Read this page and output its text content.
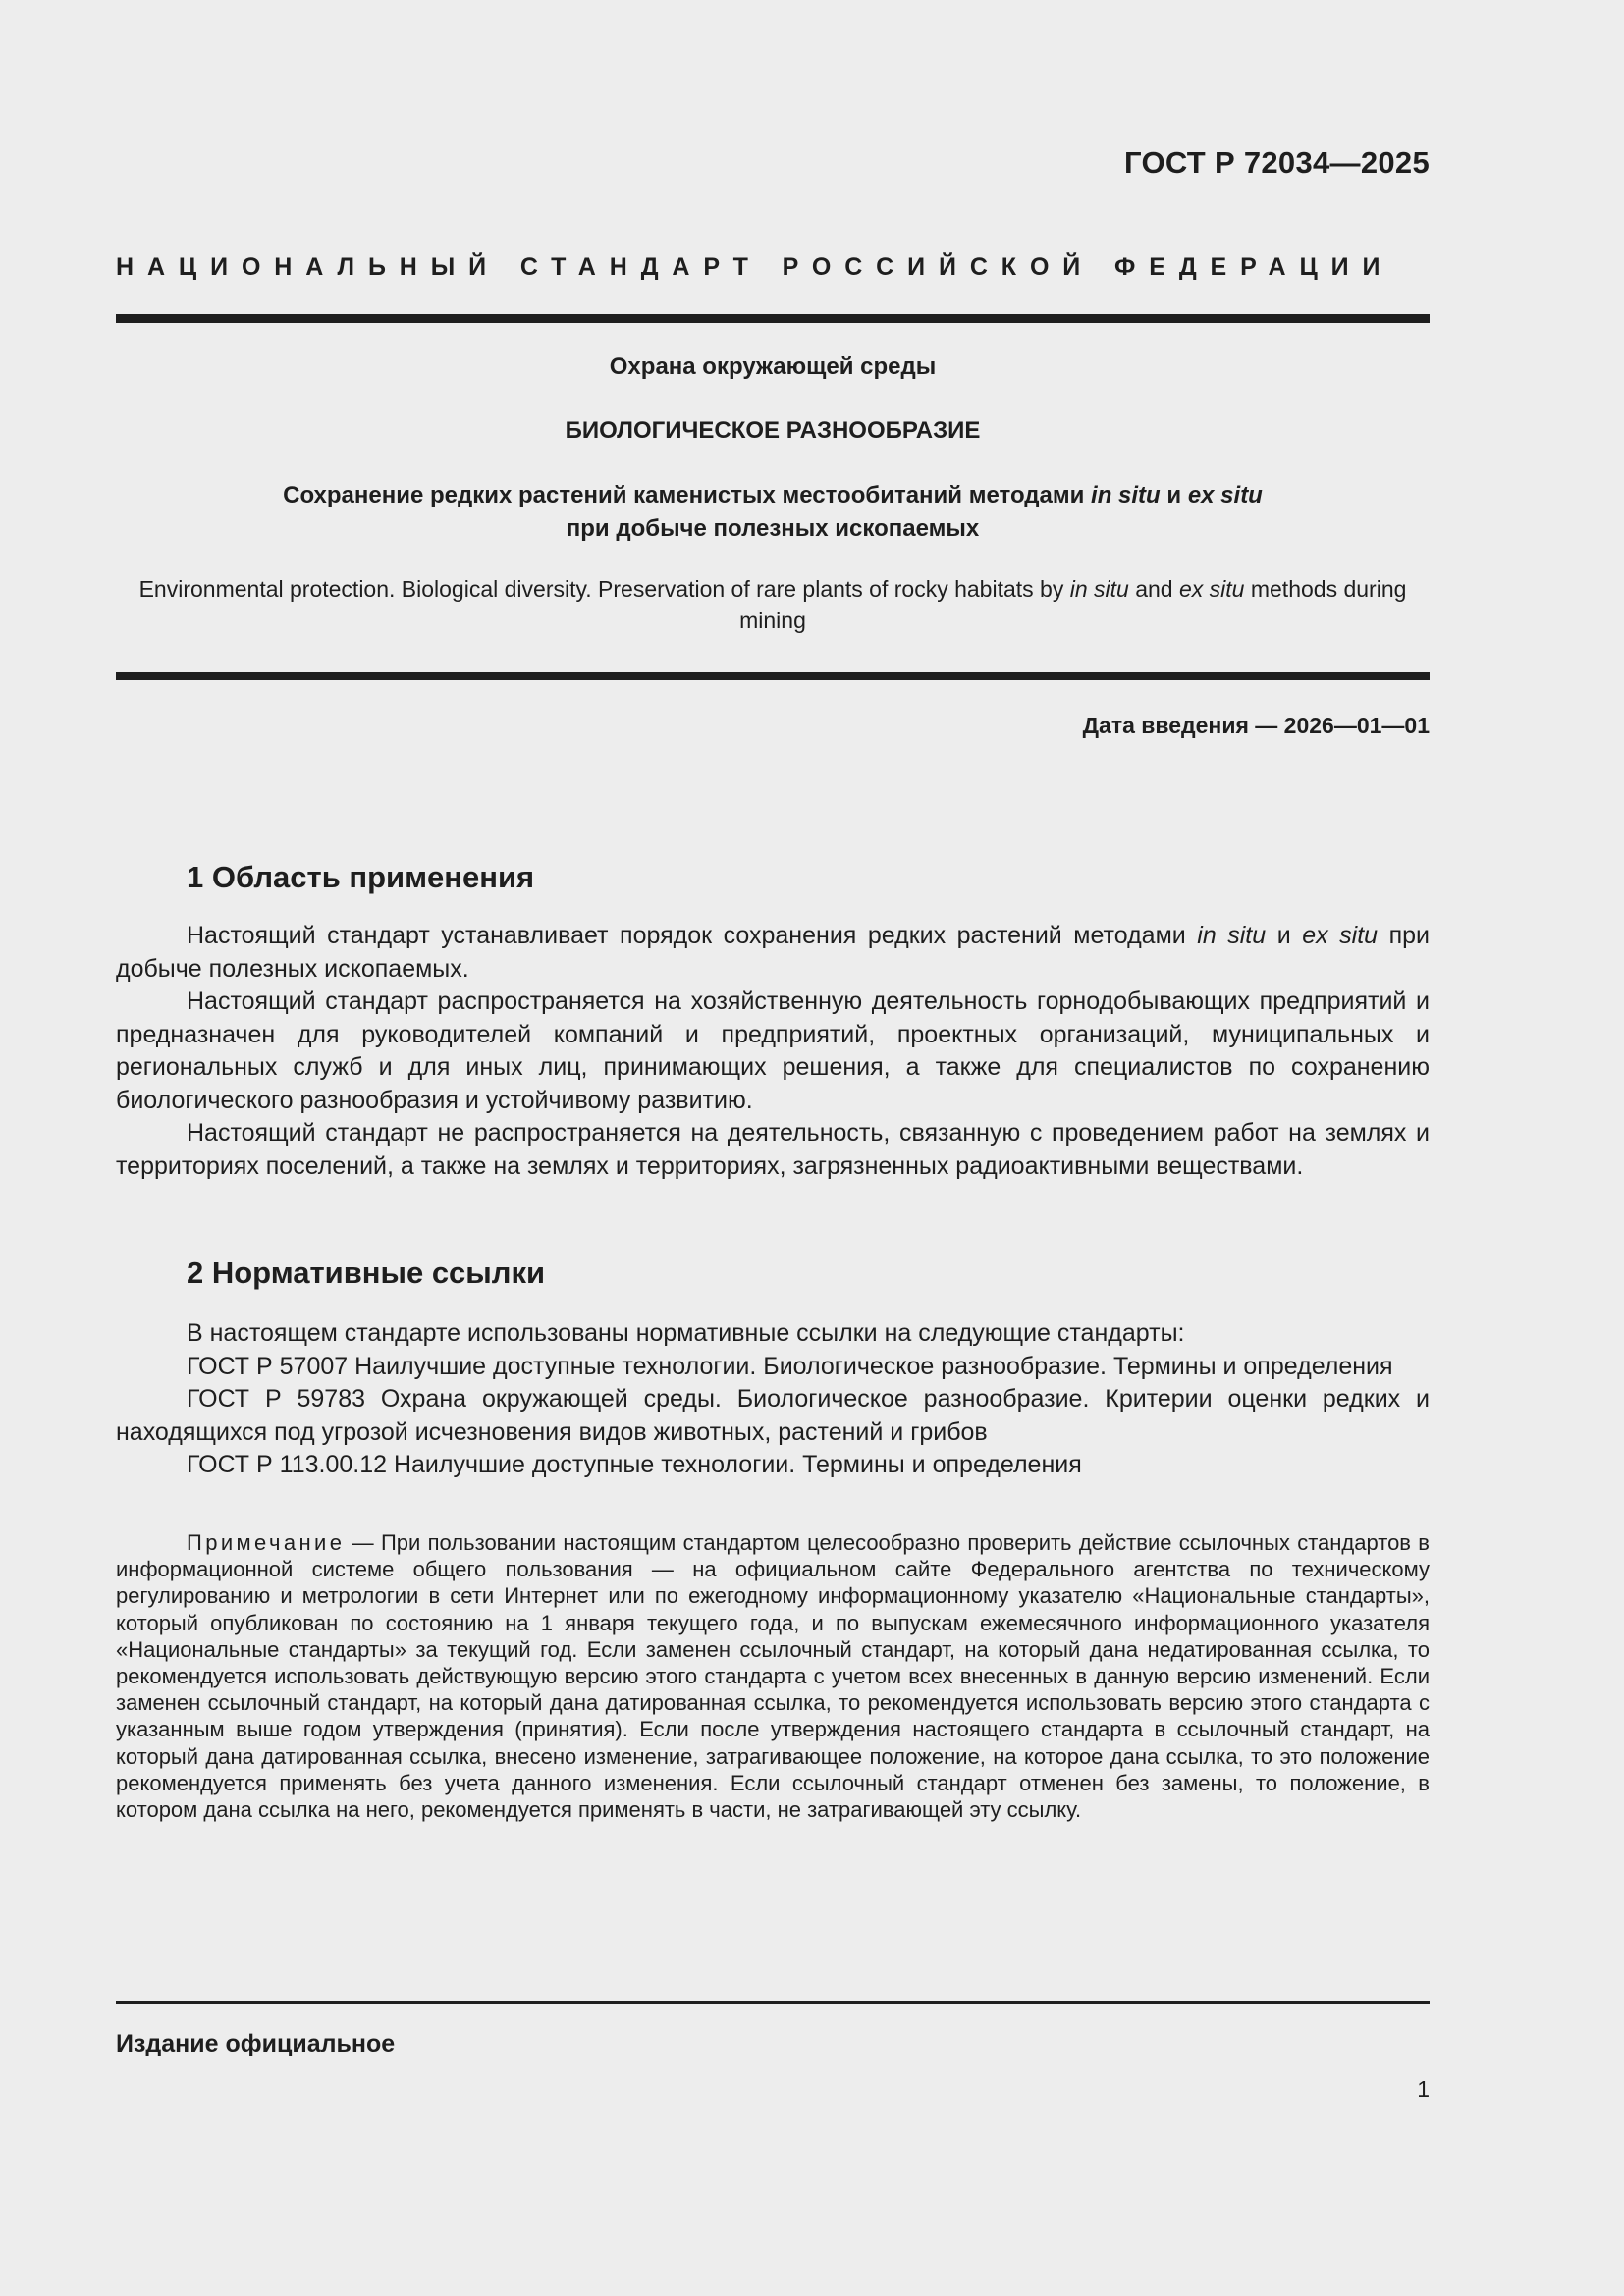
ГОСТ Р 72034—2025
НАЦИОНАЛЬНЫЙ СТАНДАРТ РОССИЙСКОЙ ФЕДЕРАЦИИ
Охрана окружающей среды
БИОЛОГИЧЕСКОЕ РАЗНООБРАЗИЕ
Сохранение редких растений каменистых местообитаний методами in situ и ex situ
при добыче полезных ископаемых
Environmental protection. Biological diversity. Preservation of rare plants of rocky habitats by in situ and ex situ methods during mining
Дата введения — 2026—01—01
1 Область применения

Настоящий стандарт устанавливает порядок сохранения редких растений методами in situ и ex situ при добыче полезных ископаемых.

Настоящий стандарт распространяется на хозяйственную деятельность горнодобывающих предприятий и предназначен для руководителей компаний и предприятий, проектных организаций, муниципальных и региональных служб и для иных лиц, принимающих решения, а также для специалистов по сохранению биологического разнообразия и устойчивому развитию.

Настоящий стандарт не распространяется на деятельность, связанную с проведением работ на землях и территориях поселений, а также на землях и территориях, загрязненных радиоактивными веществами.

2 Нормативные ссылки

В настоящем стандарте использованы нормативные ссылки на следующие стандарты:

ГОСТ Р 57007 Наилучшие доступные технологии. Биологическое разнообразие. Термины и определения

ГОСТ Р 59783 Охрана окружающей среды. Биологическое разнообразие. Критерии оценки редких и находящихся под угрозой исчезновения видов животных, растений и грибов

ГОСТ Р 113.00.12 Наилучшие доступные технологии. Термины и определения

Примечание — При пользовании настоящим стандартом целесообразно проверить действие ссылочных стандартов в информационной системе общего пользования — на официальном сайте Федерального агентства по техническому регулированию и метрологии в сети Интернет или по ежегодному информационному указателю «Национальные стандарты», который опубликован по состоянию на 1 января текущего года, и по выпускам ежемесячного информационного указателя «Национальные стандарты» за текущий год. Если заменен ссылочный стандарт, на который дана недатированная ссылка, то рекомендуется использовать действующую версию этого стандарта с учетом всех внесенных в данную версию изменений. Если заменен ссылочный стандарт, на который дана датированная ссылка, то рекомендуется использовать версию этого стандарта с указанным выше годом утверждения (принятия). Если после утверждения настоящего стандарта в ссылочный стандарт, на который дана датированная ссылка, внесено изменение, затрагивающее положение, на которое дана ссылка, то это положение рекомендуется применять без учета данного изменения. Если ссылочный стандарт отменен без замены, то положение, в котором дана ссылка на него, рекомендуется применять в части, не затрагивающей эту ссылку.
Издание официальное
1
